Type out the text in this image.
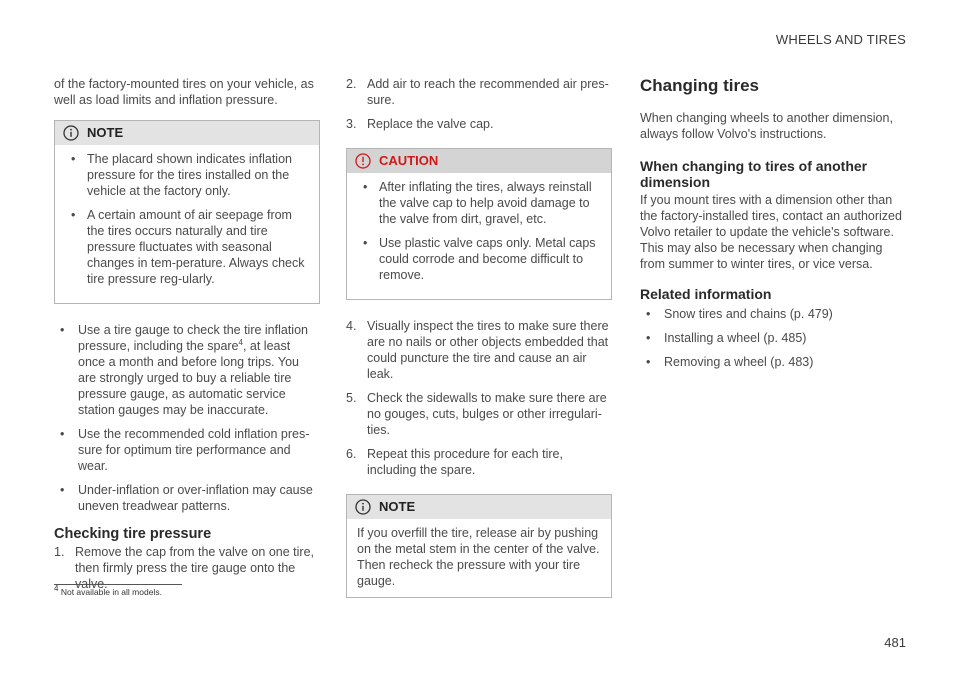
WHEELS AND TIRES

of the factory-mounted tires on your vehicle, as well as load limits and inflation pressure.

NOTE
• The placard shown indicates inflation pressure for the tires installed on the vehicle at the factory only.
• A certain amount of air seepage from the tires occurs naturally and tire pressure fluctuates with seasonal changes in tem-perature. Always check tire pressure reg-ularly.
• Use a tire gauge to check the tire inflation pressure, including the spare$^4$, at least once a month and before long trips. You are strongly urged to buy a reliable tire pressure gauge, as automatic service station gauges may be inaccurate.
• Use the recommended cold inflation pres-sure for optimum tire performance and wear.
• Under-inflation or over-inflation may cause uneven treadwear patterns.
Checking tire pressure
1. Remove the cap from the valve on one tire, then firmly press the tire gauge onto the valve.
2. Add air to reach the recommended air pres-sure.
3. Replace the valve cap.
CAUTION
• After inflating the tires, always reinstall the valve cap to help avoid damage to the valve from dirt, gravel, etc.
• Use plastic valve caps only. Metal caps could corrode and become difficult to remove.
4. Visually inspect the tires to make sure there are no nails or other objects embedded that could puncture the tire and cause an air leak.
5. Check the sidewalls to make sure there are no gouges, cuts, bulges or other irregulari-ties.
6. Repeat this procedure for each tire, including the spare.
NOTE

If you overfill the tire, release air by pushing on the metal stem in the center of the valve. Then recheck the pressure with your tire gauge.

Changing tires

When changing wheels to another dimension, always follow Volvo's instructions.

When changing to tires of another dimension

If you mount tires with a dimension other than the factory-installed tires, contact an authorized Volvo retailer to update the vehicle's software. This may also be necessary when changing from summer to winter tires, or vice versa.

Related information
• Snow tires and chains (p. 479)
• Installing a wheel (p. 485)
• Removing a wheel (p. 483)
$^4$ Not available in all models.
481
